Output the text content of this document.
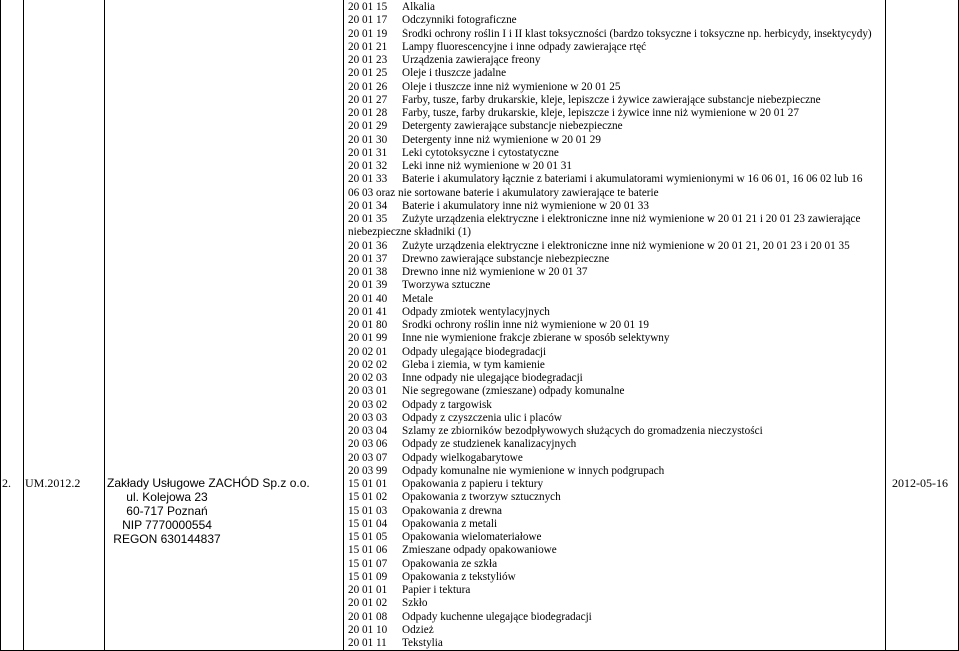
2.	UM.2012.2	Zakłady Usługowe ZACHÓD Sp.z o.o.
ul. Kolejowa 23
60-717 Poznań
NIP 7770000554
REGON 630144837
2012-05-16
20 01 15 Alkalia
20 01 17 Odczynniki fotograficzne
20 01 19 Środki ochrony roślin I i II klast toksyczności (bardzo toksyczne i toksyczne np. herbicydy, insektycydy)
20 01 21 Lampy fluorescencyjne i inne odpady zawierające rtęć
20 01 23 Urządzenia zawierające freony
20 01 25 Oleje i tłuszcze jadalne
20 01 26 Oleje i tłuszcze inne niż wymienione w 20 01 25
20 01 27 Farby, tusze, farby drukarskie, kleje, lepiszcze i żywice zawierające substancje niebezpieczne
20 01 28 Farby, tusze, farby drukarskie, kleje, lepiszcze i żywice inne niż wymienione w 20 01 27
20 01 29 Detergenty zawierające substancje niebezpieczne
20 01 30 Detergenty inne niż wymienione w 20 01 29
20 01 31 Leki cytotoksyczne i cytostatyczne
20 01 32 Leki inne niż wymienione w 20 01 31
20 01 33 Baterie i akumulatory łącznie z bateriami i akumulatorami wymienionymi w 16 06 01, 16 06 02 lub 16
06 03 oraz nie sortowane baterie i akumulatory zawierające te baterie
20 01 34 Baterie i akumulatory inne niż wymienione w 20 01 33
20 01 35 Zużyte urządzenia elektryczne i elektroniczne inne niż wymienione w 20 01 21 i 20 01 23 zawierające
niebezpieczne składniki (1)
20 01 36 Zużyte urządzenia elektryczne i elektroniczne inne niż wymienione w 20 01 21, 20 01 23 i 20 01 35
20 01 37 Drewno zawierające substancje niebezpieczne
20 01 38 Drewno inne niż wymienione w 20 01 37
20 01 39 Tworzywa sztuczne
20 01 40 Metale
20 01 41 Odpady zmiotek wentylacyjnych
20 01 80 Środki ochrony roślin inne niż wymienione w 20 01 19
20 01 99 Inne nie wymienione frakcje zbierane w sposób selektywny
20 02 01 Odpady ulegające biodegradacji
20 02 02 Gleba i ziemia, w tym kamienie
20 02 03 Inne odpady nie ulegające biodegradacji
20 03 01 Nie segregowane (zmieszane) odpady komunalne
20 03 02 Odpady z targowisk
20 03 03 Odpady z czyszczenia ulic i placów
20 03 04 Szlamy ze zbiorników bezodpływowych służących do gromadzenia nieczystości
20 03 06 Odpady ze studzienek kanalizacyjnych
20 03 07 Odpady wielkogabarytowe
20 03 99 Odpady komunalne nie wymienione w innych podgrupach
15 01 01 Opakowania z papieru i tektury
15 01 02 Opakowania z tworzyw sztucznych
15 01 03 Opakowania z drewna
15 01 04 Opakowania z metali
15 01 05 Opakowania wielomateriałowe
15 01 06 Zmieszane odpady opakowaniowe
15 01 07 Opakowania ze szkła
15 01 09 Opakowania z tekstyliów
20 01 01 Papier i tektura
20 01 02 Szkło
20 01 08 Odpady kuchenne ulegające biodegradacji
20 01 10 Odzież
20 01 11 Tekstylia
